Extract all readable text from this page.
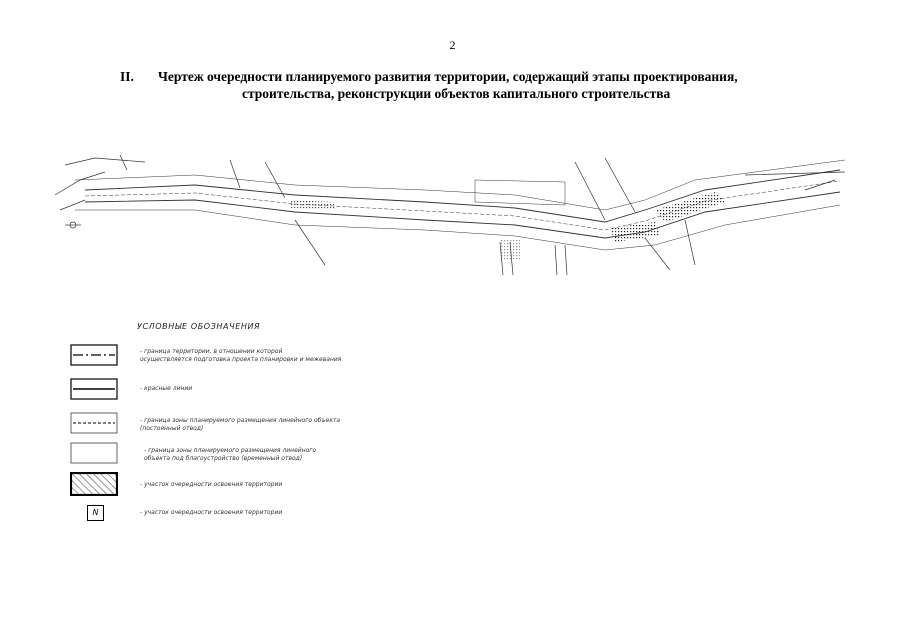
2
II. Чертеж очередности планируемого развития территории, содержащий этапы проектирования,
строительства, реконструкции объектов капитального строительства
УСЛОВНЫЕ ОБОЗНАЧЕНИЯ
- граница территории, в отношении которой
осуществляется подготовка проекта планировки и межевания
- красные линии
- граница зоны планируемого размещения линейного объекта
(постоянный отвод)
- граница зоны планируемого размещения линейного
объекта под благоустройство (временный отвод)
- участок очередности освоения территории
N	- участок очередности освоения территории
